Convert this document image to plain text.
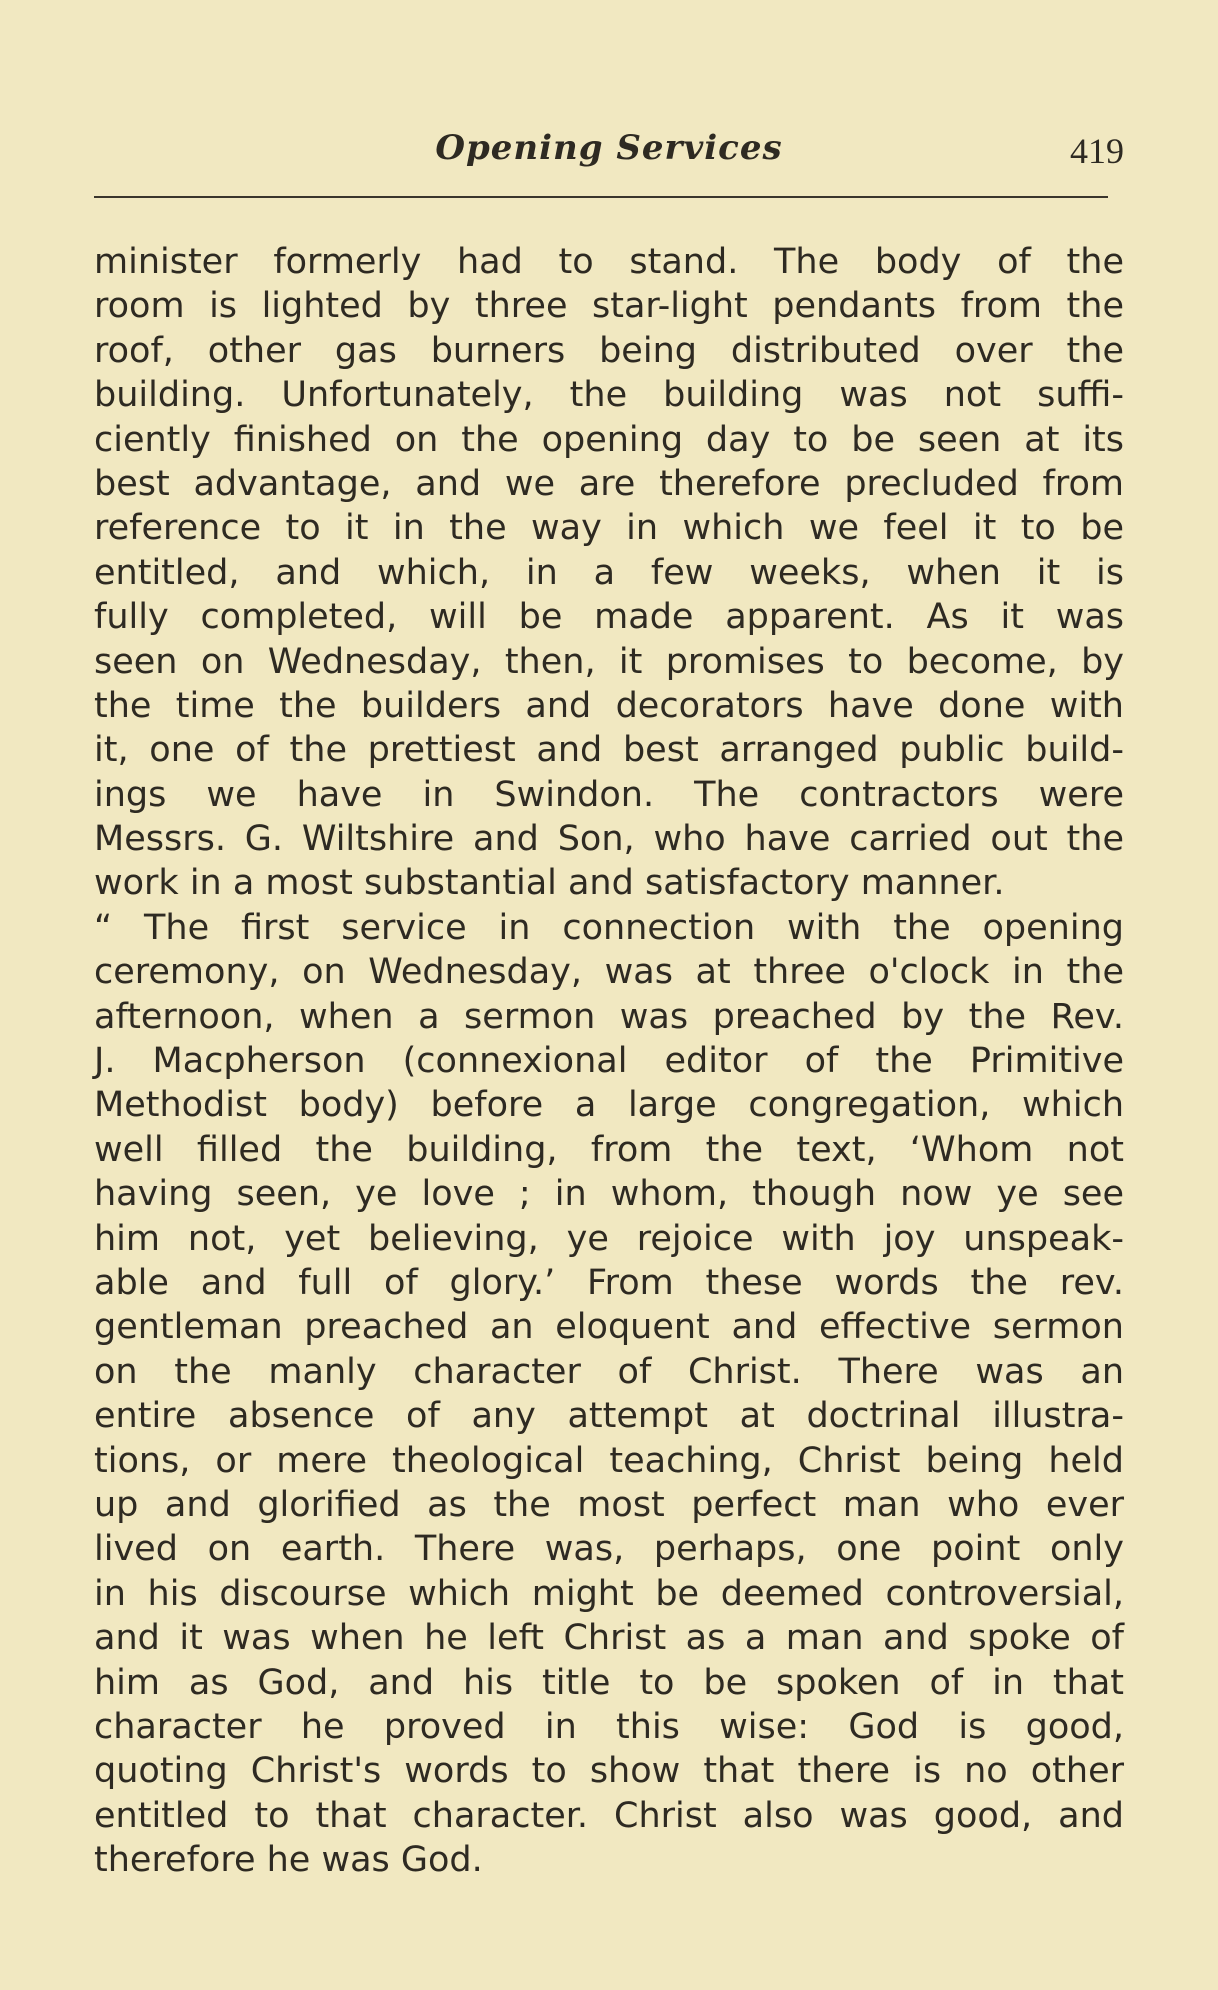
Opening Services	419
minister formerly had to stand. The body of the
room is lighted by three star-light pendants from the
roof, other gas burners being distributed over the
building. Unfortunately, the building was not suffi-
ciently finished on the opening day to be seen at its
best advantage, and we are therefore precluded from
reference to it in the way in which we feel it to be
entitled, and which, in a few weeks, when it is
fully completed, will be made apparent. As it was
seen on Wednesday, then, it promises to become, by
the time the builders and decorators have done with
it, one of the prettiest and best arranged public build-
ings we have in Swindon. The contractors were
Messrs. G. Wiltshire and Son, who have carried out the
work in a most substantial and satisfactory manner.
“ The first service in connection with the opening
ceremony, on Wednesday, was at three o'clock in the
afternoon, when a sermon was preached by the Rev.
J. Macpherson (connexional editor of the Primitive
Methodist body) before a large congregation, which
well filled the building, from the text, ‘Whom not
having seen, ye love ; in whom, though now ye see
him not, yet believing, ye rejoice with joy unspeak-
able and full of glory.’ From these words the rev.
gentleman preached an eloquent and effective sermon
on the manly character of Christ. There was an
entire absence of any attempt at doctrinal illustra-
tions, or mere theological teaching, Christ being held
up and glorified as the most perfect man who ever
lived on earth. There was, perhaps, one point only
in his discourse which might be deemed controversial,
and it was when he left Christ as a man and spoke of
him as God, and his title to be spoken of in that
character he proved in this wise: God is good,
quoting Christ's words to show that there is no other
entitled to that character. Christ also was good, and
therefore he was God.
